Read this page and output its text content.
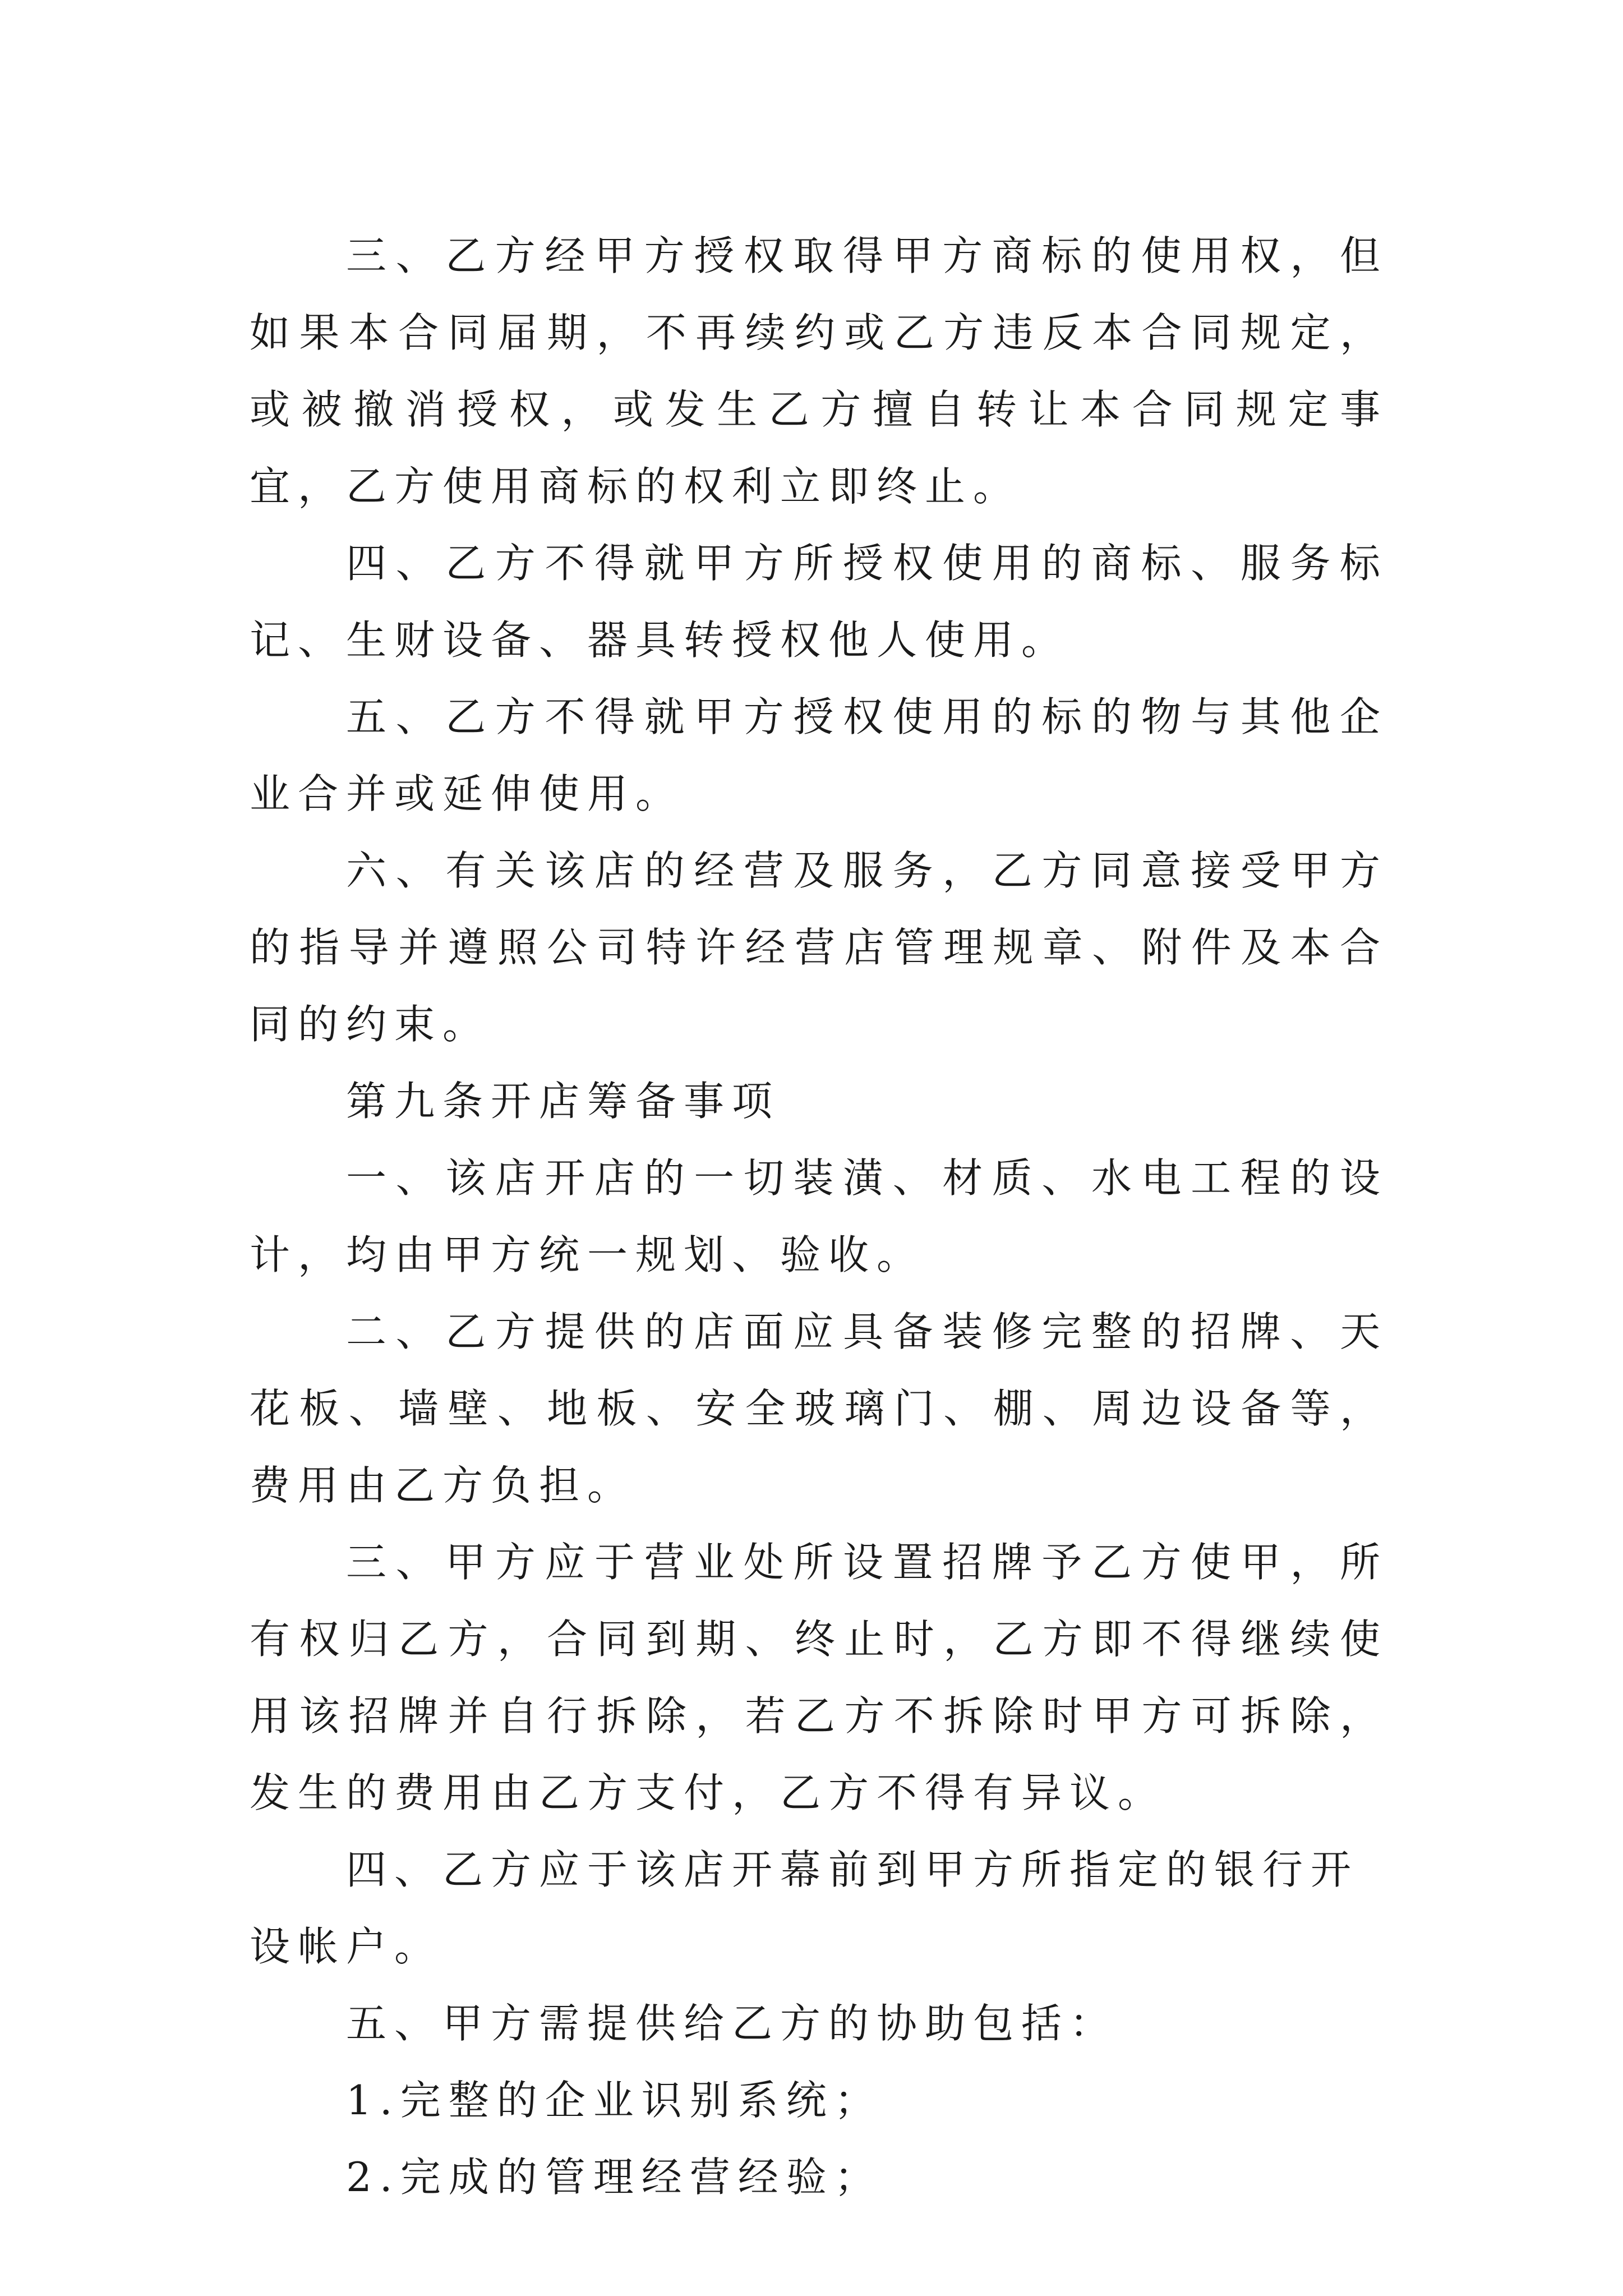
三、乙方经甲方授权取得甲方商标的使用权，但如果本合同届期，不再续约或乙方违反本合同规定，或被撤消授权，或发生乙方擅自转让本合同规定事宜，乙方使用商标的权利立即终止。

四、乙方不得就甲方所授权使用的商标、服务标记、生财设备、器具转授权他人使用。

五、乙方不得就甲方授权使用的标的物与其他企业合并或延伸使用。

六、有关该店的经营及服务，乙方同意接受甲方的指导并遵照公司特许经营店管理规章、附件及本合同的约束。

第九条开店筹备事项

一、该店开店的一切装潢、材质、水电工程的设计，均由甲方统一规划、验收。

二、乙方提供的店面应具备装修完整的招牌、天花板、墙壁、地板、安全玻璃门、棚、周边设备等，费用由乙方负担。

三、甲方应于营业处所设置招牌予乙方使甲，所有权归乙方，合同到期、终止时，乙方即不得继续使用该招牌并自行拆除，若乙方不拆除时甲方可拆除，发生的费用由乙方支付，乙方不得有异议。

四、乙方应于该店开幕前到甲方所指定的银行开设帐户。

五、甲方需提供给乙方的协助包括：

1.完整的企业识别系统；

2.完成的管理经营经验；
